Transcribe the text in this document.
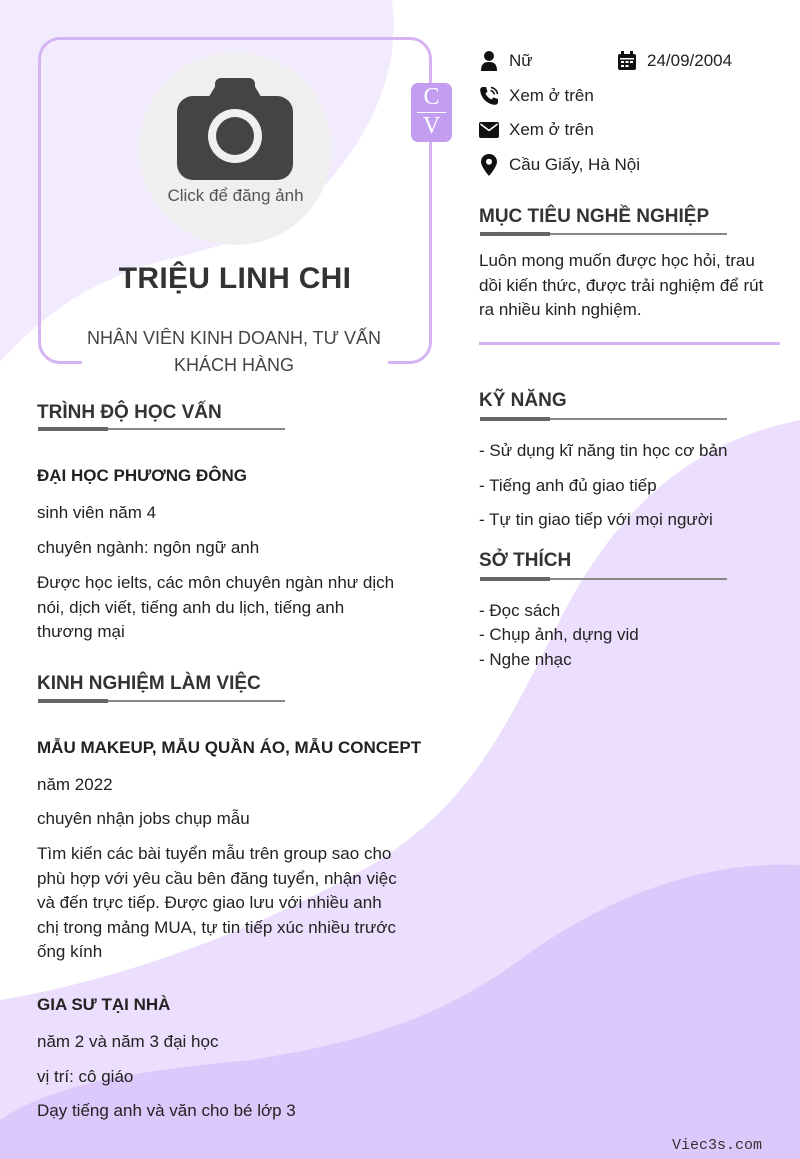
Click để đăng ảnh
TRIỆU LINH CHI
NHÂN VIÊN KINH DOANH, TƯ VẤN KHÁCH HÀNG
C
V
Nữ	24/09/2004
Xem ở trên
Xem ở trên
Cầu Giấy, Hà Nội
MỤC TIÊU NGHỀ NGHIỆP
Luôn mong muốn được học hỏi, trau dồi kiến thức, được trải nghiệm để rút ra nhiều kinh nghiệm.
KỸ NĂNG
- Sử dụng kĩ năng tin học cơ bản
- Tiếng anh đủ giao tiếp
- Tự tin giao tiếp với mọi người
SỞ THÍCH
- Đọc sách
- Chụp ảnh, dựng vid
- Nghe nhạc
TRÌNH ĐỘ HỌC VẤN
ĐẠI HỌC PHƯƠNG ĐÔNG
sinh viên năm 4
chuyên ngành: ngôn ngữ anh
Được học ielts, các môn chuyên ngàn như dịch nói, dịch viết, tiếng anh du lịch, tiếng anh thương mại
KINH NGHIỆM LÀM VIỆC
MẪU MAKEUP, MẪU QUẦN ÁO, MẪU CONCEPT
năm 2022
chuyên nhận jobs chụp mẫu
Tìm kiến các bài tuyển mẫu trên group sao cho phù hợp với yêu cầu bên đăng tuyển, nhận việc và đến trực tiếp. Được giao lưu với nhiều anh chị trong mảng MUA, tự tin tiếp xúc nhiều trước ống kính
GIA SƯ TẠI NHÀ
năm 2 và năm 3 đại học
vị trí: cô giáo
Dạy tiếng anh và văn cho bé lớp 3
Viec3s.com
